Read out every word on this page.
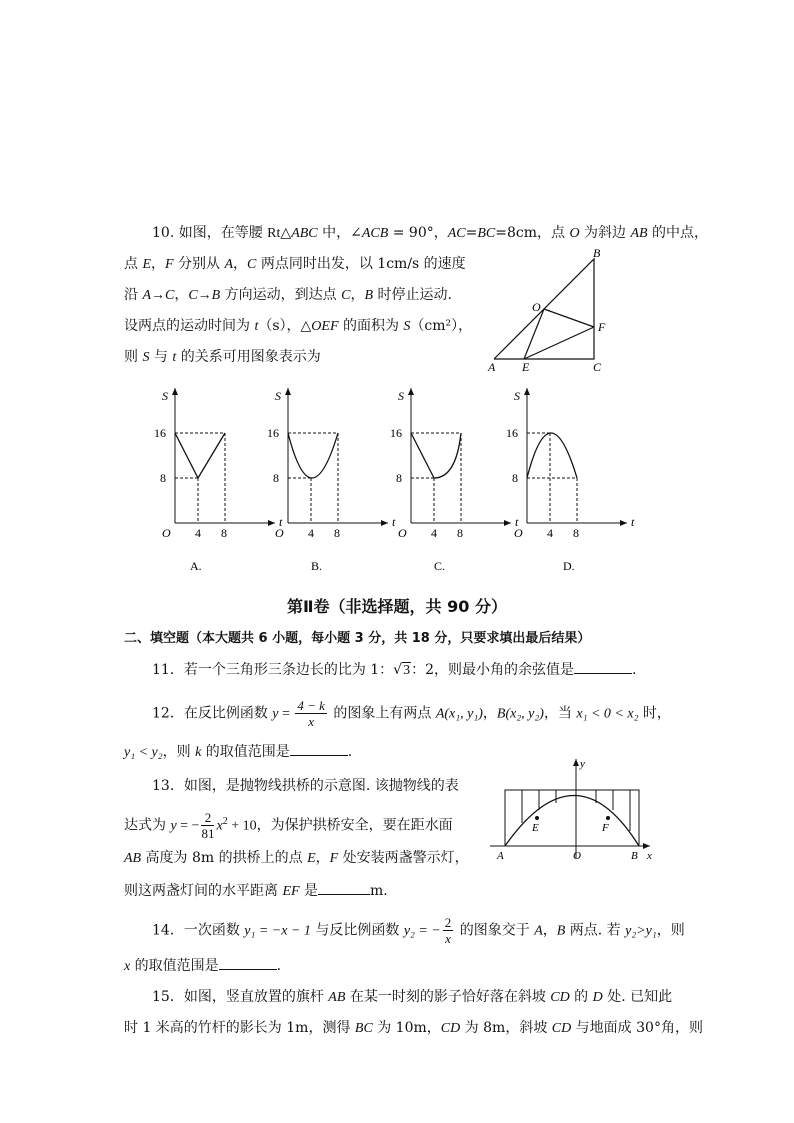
10. 如图，在等腰 Rt△ABC 中，∠ACB = 90°，AC=BC=8cm，点 O 为斜边 AB 的中点，
点 E，F 分别从 A，C 两点同时出发，以 1cm/s 的速度
沿 A→C，C→B 方向运动，到达点 C，B 时停止运动.
设两点的运动时间为 t（s），△OEF 的面积为 S（cm²），
则 S 与 t 的关系可用图象表示为
A E	C
B
O
F
S
t
O
16
8
4 8
S
t
O
16
8
4 8
S
t
O
16
8
4 8
S
t
O
16
8
4 8
A.	B.	C.	D.
第Ⅱ卷（非选择题，共 90 分）
二、填空题（本大题共 6 小题，每小题 3 分，共 18 分，只要求填出最后结果）
11．若一个三角形三条边长的比为 1：√3：2，则最小角的余弦值是	.
12．在反比例函数 $y = \frac{4 - k}{x}$ 的图象上有两点 A(x₁, y₁)，B(x₂, y₂)，当 x₁ < 0 < x₂ 时，
y₁ < y₂，则 k 的取值范围是	.
13．如图，是抛物线拱桥的示意图. 该抛物线的表
达式为 y = − $\frac{2}{81} x^2 + 10$，为保护拱桥安全，要在距水面
AB 高度为 8m 的拱桥上的点 E，F 处安装两盏警示灯，
则这两盏灯间的水平距离 EF 是	m.
E	F
A	B
O	x
y
14．一次函数 y₁ = −x − 1 与反比例函数 y₂ = − $\frac{2}{x}$ 的图象交于 A，B 两点. 若 y₂>y₁，则
x 的取值范围是	.
15．如图，竖直放置的旗杆 AB 在某一时刻的影子恰好落在斜坡 CD 的 D 处. 已知此
时 1 米高的竹杆的影长为 1m，测得 BC 为 10m，CD 为 8m，斜坡 CD 与地面成 30°角，则
